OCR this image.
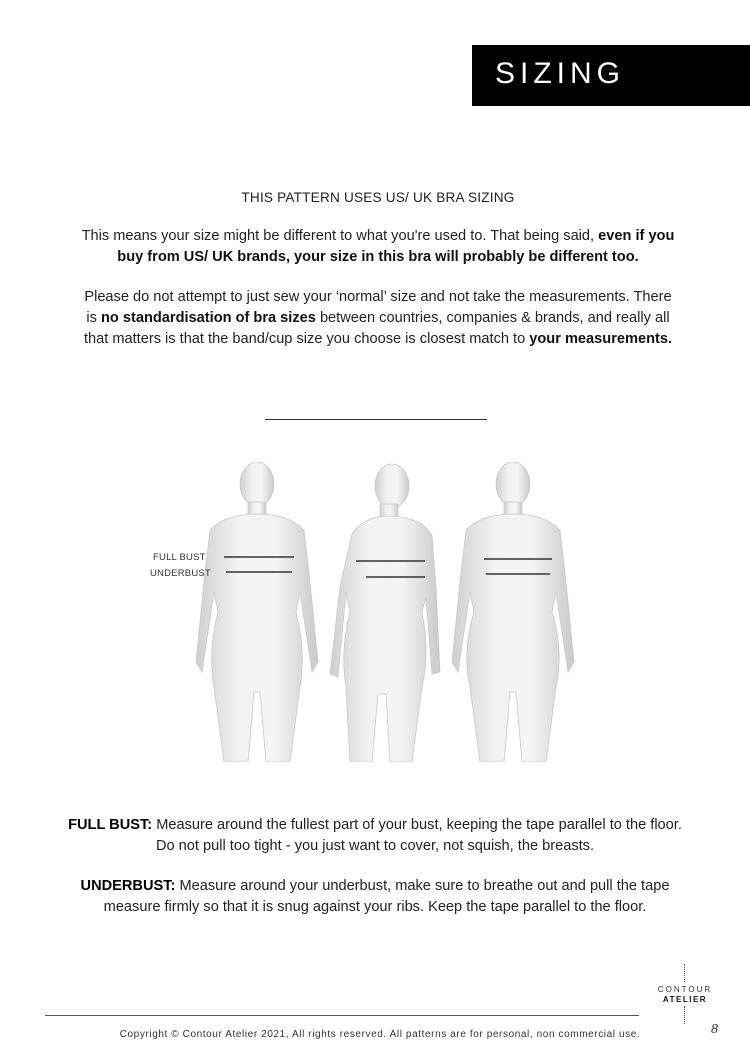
SIZING
THIS PATTERN USES US/ UK BRA SIZING

This means your size might be different to what you're used to. That being said, even if you buy from US/ UK brands, your size in this bra will probably be different too.

Please do not attempt to just sew your ‘normal’ size and not take the measurements. There is no standardisation of bra sizes between countries, companies & brands, and really all that matters is that the band/cup size you choose is closest match to your measurements.

FULL BUST
UNDERBUST

FULL BUST: Measure around the fullest part of your bust, keeping the tape parallel to the floor. Do not pull too tight - you just want to cover, not squish, the breasts.

UNDERBUST: Measure around your underbust, make sure to breathe out and pull the tape measure firmly so that it is snug against your ribs. Keep the tape parallel to the floor.

CONTOUR
ATELIER
Copyright © Contour Atelier 2021, All rights reserved. All patterns are for personal, non commercial use.	8
